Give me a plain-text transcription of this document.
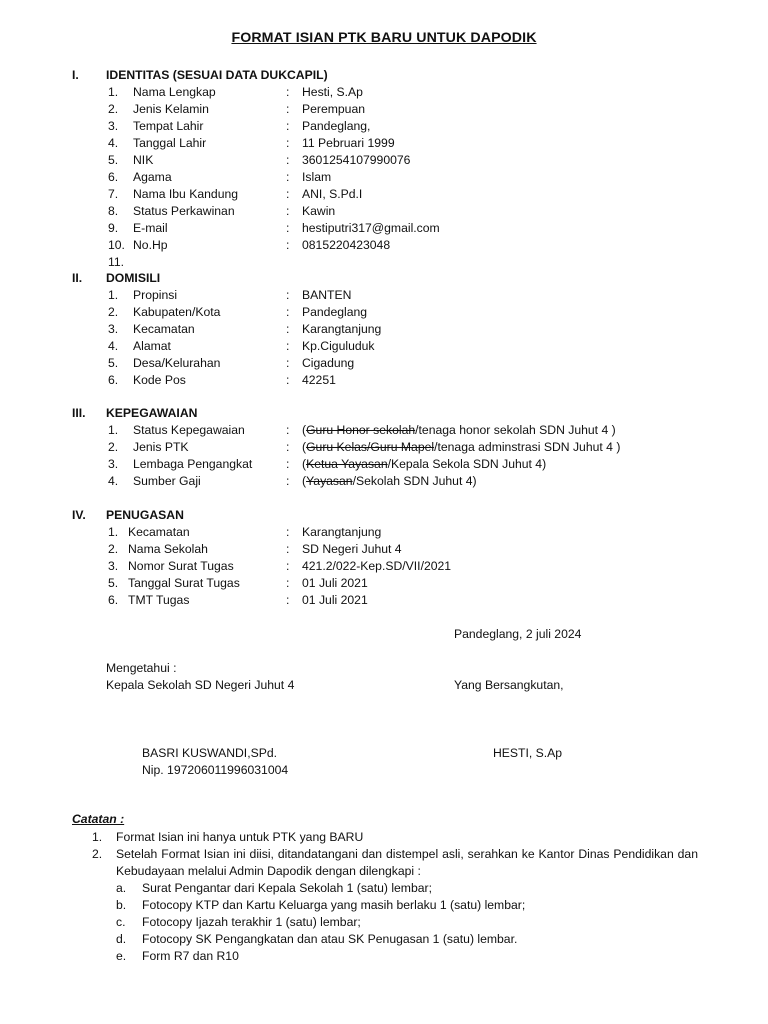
FORMAT ISIAN PTK BARU UNTUK DAPODIK
I. IDENTITAS (SESUAI DATA DUKCAPIL)
1. Nama Lengkap	: Hesti, S.Ap
2. Jenis Kelamin	: Perempuan
3. Tempat Lahir	: Pandeglang,
4. Tanggal Lahir	: 11 Pebruari 1999
5. NIK	: 3601254107990076
6. Agama	: Islam
7. Nama Ibu Kandung	: ANI, S.Pd.I
8. Status Perkawinan	: Kawin
9. E-mail	: hestiputri317@gmail.com
10. No.Hp	: 0815220423048
11.
II. DOMISILI
1. Propinsi	: BANTEN
2. Kabupaten/Kota	: Pandeglang
3. Kecamatan	: Karangtanjung
4. Alamat	: Kp.Ciguluduk
5. Desa/Kelurahan	: Cigadung
6. Kode Pos	: 42251
III. KEPEGAWAIAN
1. Status Kepegawaian	: (Guru Honor sekolah/tenaga honor sekolah SDN Juhut 4 )
2. Jenis PTK	: (Guru Kelas/Guru Mapel/tenaga adminstrasi SDN Juhut 4 )
3. Lembaga Pengangkat	: (Ketua Yayasan/Kepala Sekola SDN Juhut 4)
4. Sumber Gaji	: (Yayasan/Sekolah SDN Juhut 4)
IV. PENUGASAN
1. Kecamatan	: Karangtanjung
2. Nama Sekolah	: SD Negeri Juhut 4
3. Nomor Surat Tugas	: 421.2/022-Kep.SD/VII/2021
5. Tanggal Surat Tugas	: 01 Juli 2021
6. TMT Tugas	: 01 Juli 2021
Pandeglang, 2 juli 2024
Mengetahui :
Kepala Sekolah SD Negeri Juhut 4	Yang Bersangkutan,
BASRI KUSWANDI,SPd.	HESTI, S.Ap
Nip. 197206011996031004
Catatan :
1. Format Isian ini hanya untuk PTK yang BARU
2. Setelah Format Isian ini diisi, ditandatangani dan distempel asli, serahkan ke Kantor Dinas Pendidikan dan Kebudayaan melalui Admin Dapodik dengan dilengkapi :
a. Surat Pengantar dari Kepala Sekolah 1 (satu) lembar;
b. Fotocopy KTP dan Kartu Keluarga yang masih berlaku 1 (satu) lembar;
c. Fotocopy Ijazah terakhir 1 (satu) lembar;
d. Fotocopy SK Pengangkatan dan atau SK Penugasan 1 (satu) lembar.
e. Form R7 dan R10
